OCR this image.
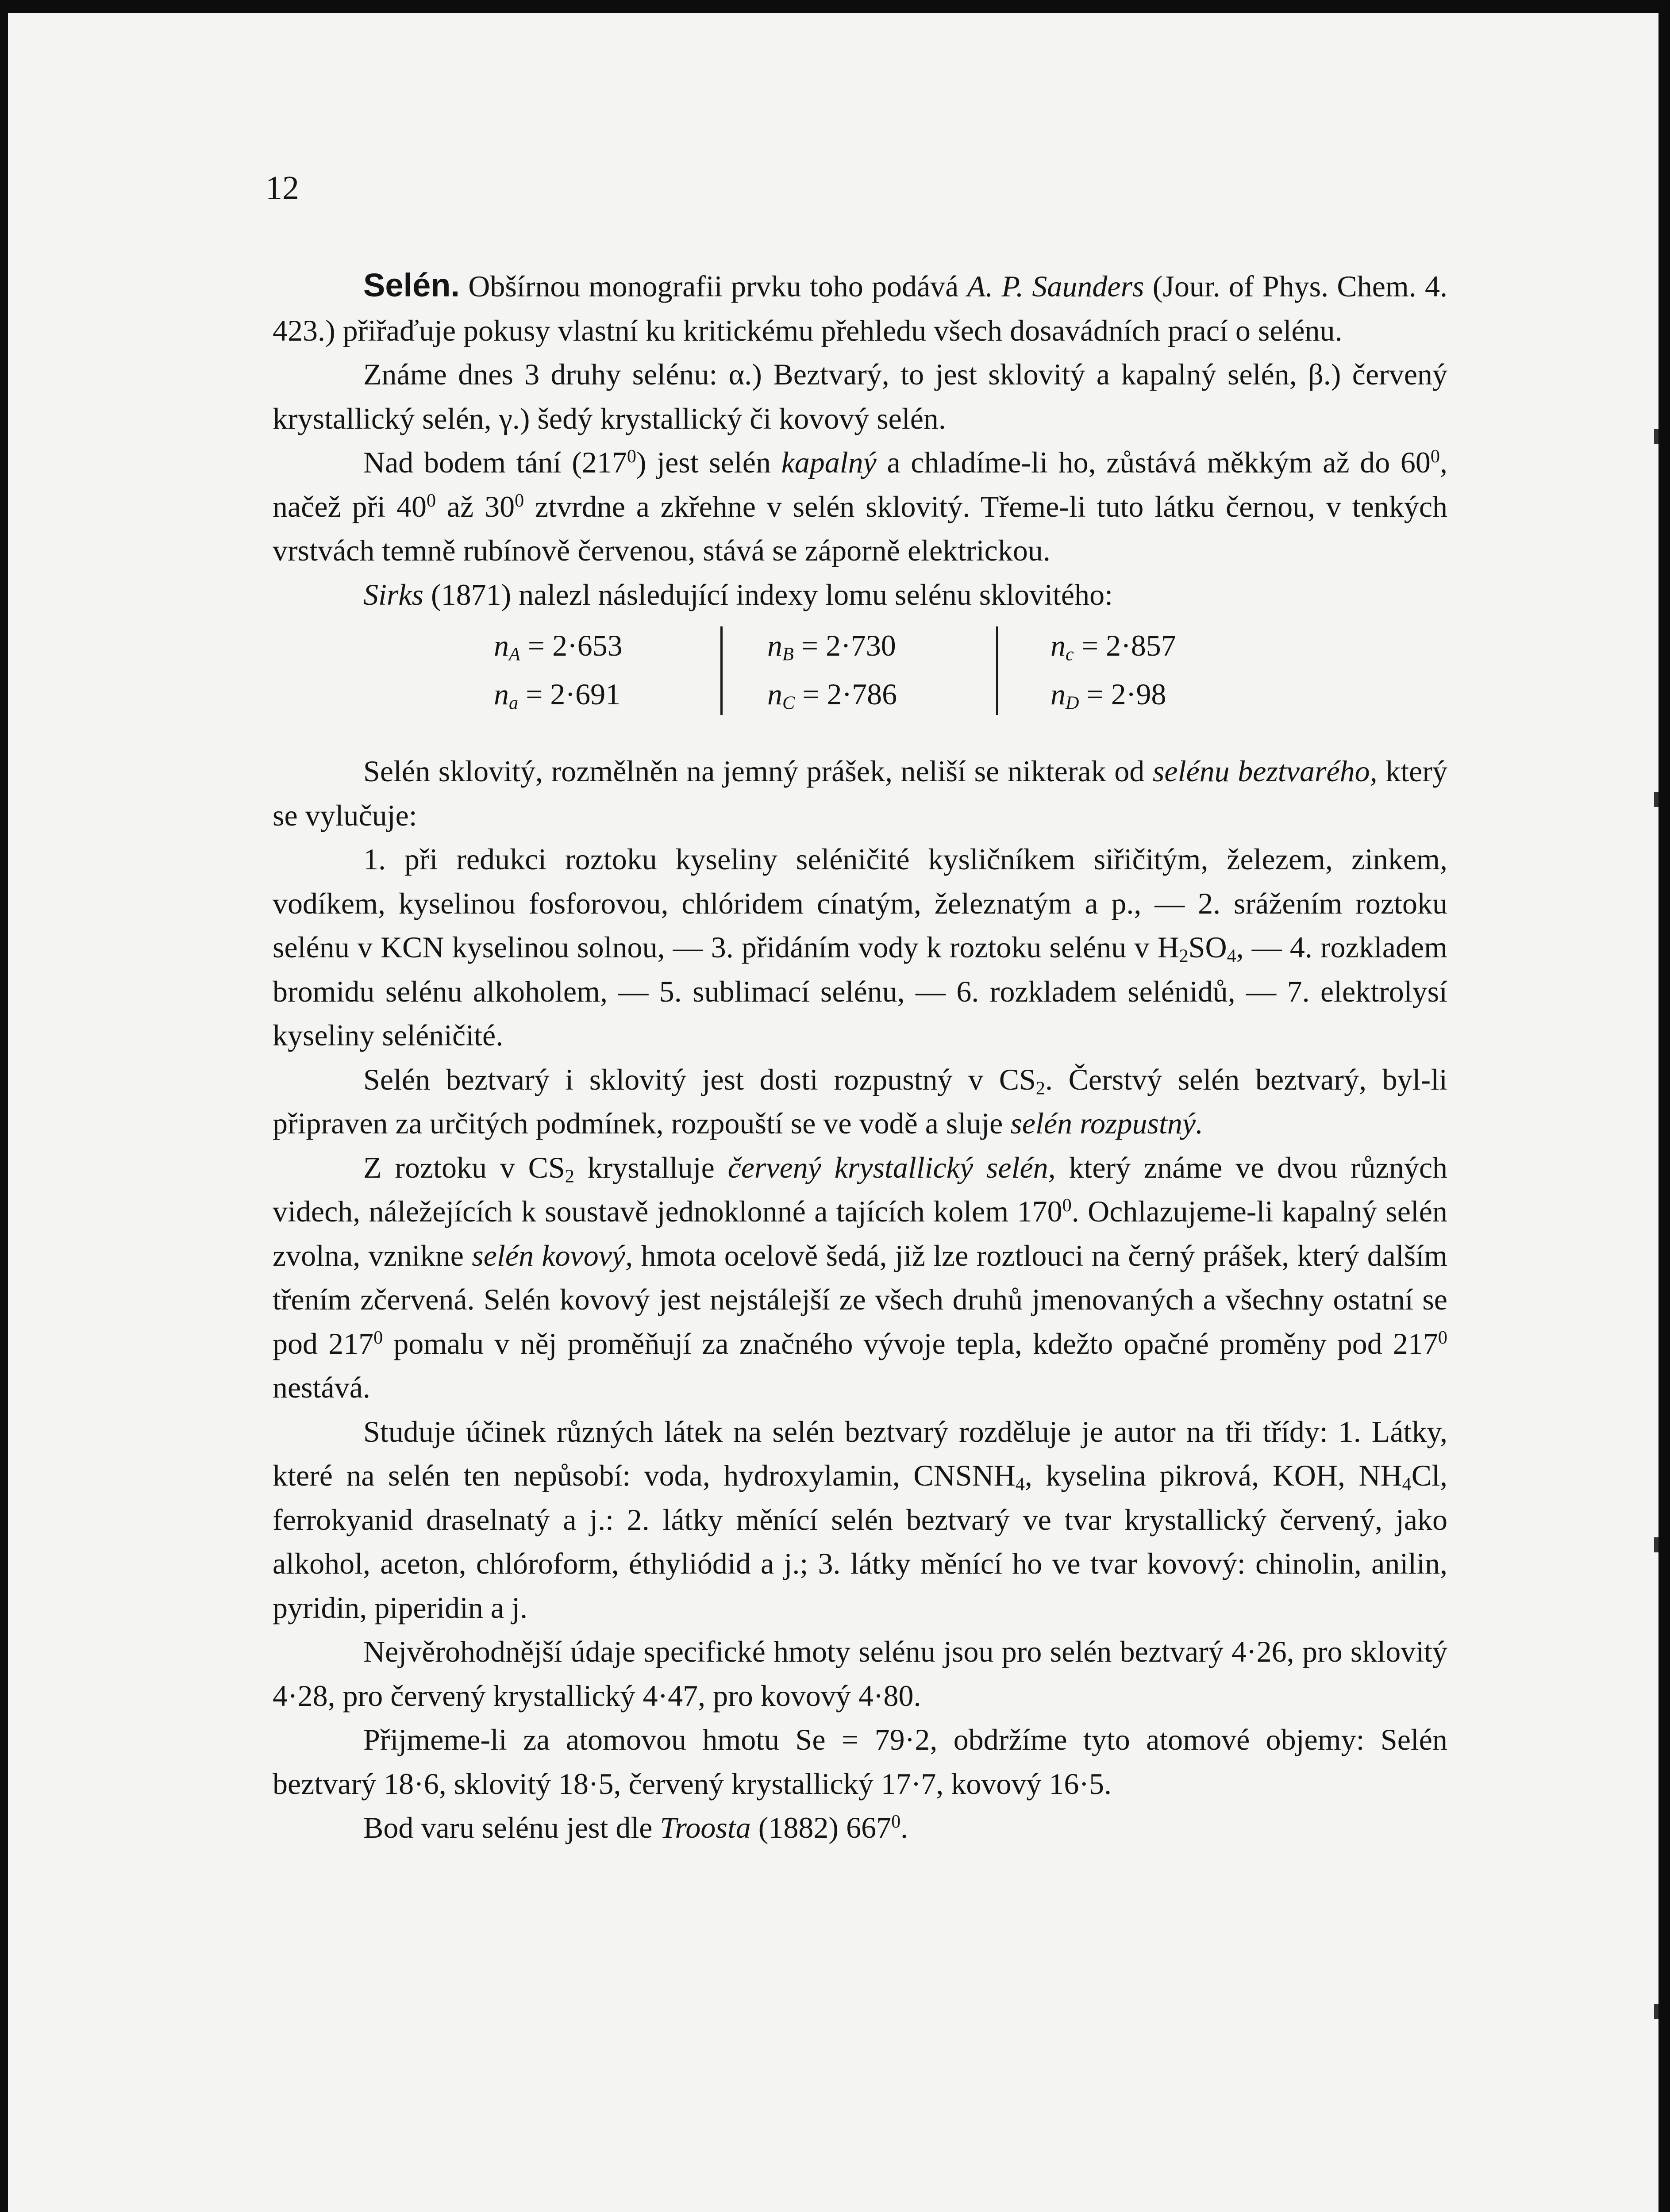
12

Selén. Obšírnou monografii prvku toho podává A. P. Saunders (Jour. of Phys. Chem. 4. 423.) přiřaďuje pokusy vlastní ku kritickému přehledu všech dosavádních prací o selénu.

Známe dnes 3 druhy selénu: α.) Beztvarý, to jest sklovitý a kapalný selén, β.) červený krystallický selén, γ.) šedý krystallický či kovový selén.

Nad bodem tání $(217^0)$ jest selén kapalný a chladíme-li ho, zůstává měkkým až do $60^0$, načež při $40^0$ až $30^0$ ztvrdne a zkřehne v selén sklovitý. Třeme-li tuto látku černou, v tenkých vrstvách temně rubínově červenou, stává se záporně elektrickou.

Sirks (1871) nalezl následující indexy lomu selénu sklovitého:

$n_A = 2\cdot 653$
$n_a = 2\cdot 691$
$n_B = 2\cdot 730$
$n_C = 2\cdot 786$
$n_c = 2\cdot 857$
$n_D = 2\cdot 98$

Selén sklovitý, rozmělněn na jemný prášek, neliší se nikterak od selénu beztvarého, který se vylučuje:

1. při redukci roztoku kyseliny seléničité kysličníkem siřičitým, železem, zinkem, vodíkem, kyselinou fosforovou, chlóridem cínatým, železnatým a p., — 2. srážením roztoku selénu v KCN kyselinou solnou, — 3. přidáním vody k roztoku selénu v $H_2SO_4$, — 4. rozkladem bromidu selénu alkoholem, — 5. sublimací selénu, — 6. rozkladem selénidů, — 7. elektrolysí kyseliny seléničité.

Selén beztvarý i sklovitý jest dosti rozpustný v $CS_2$. Čerstvý selén beztvarý, byl-li připraven za určitých podmínek, rozpouští se ve vodě a sluje selén rozpustný.

Z roztoku v $CS_2$ krystalluje červený krystallický selén, který známe ve dvou různých videch, náležejících k soustavě jednoklonné a tajících kolem $170^0$. Ochlazujeme-li kapalný selén zvolna, vznikne selén kovový, hmota ocelově šedá, již lze roztlouci na černý prášek, který dalším třením zčervená. Selén kovový jest nejstálejší ze všech druhů jmenovaných a všechny ostatní se pod $217^0$ pomalu v něj proměňují za značného vývoje tepla, kdežto opačné proměny pod $217^0$ nestává.

Studuje účinek různých látek na selén beztvarý rozděluje je autor na tři třídy: 1. Látky, které na selén ten nepůsobí: voda, hydroxylamin, $CNSNH_4$, kyselina pikrová, KOH, $NH_4Cl$, ferrokyanid draselnatý a j.: 2. látky měnící selén beztvarý ve tvar krystallický červený, jako alkohol, aceton, chlóroform, éthyliódid a j.; 3. látky měnící ho ve tvar kovový: chinolin, anilin, pyridin, piperidin a j.

Nejvěrohodnější údaje specifické hmoty selénu jsou pro selén beztvarý 4·26, pro sklovitý 4·28, pro červený krystallický 4·47, pro kovový 4·80.

Přijmeme-li za atomovou hmotu Se = 79·2, obdržíme tyto atomové objemy: Selén beztvarý 18·6, sklovitý 18·5, červený krystallický 17·7, kovový 16·5.

Bod varu selénu jest dle Troosta (1882) $667^0$.
